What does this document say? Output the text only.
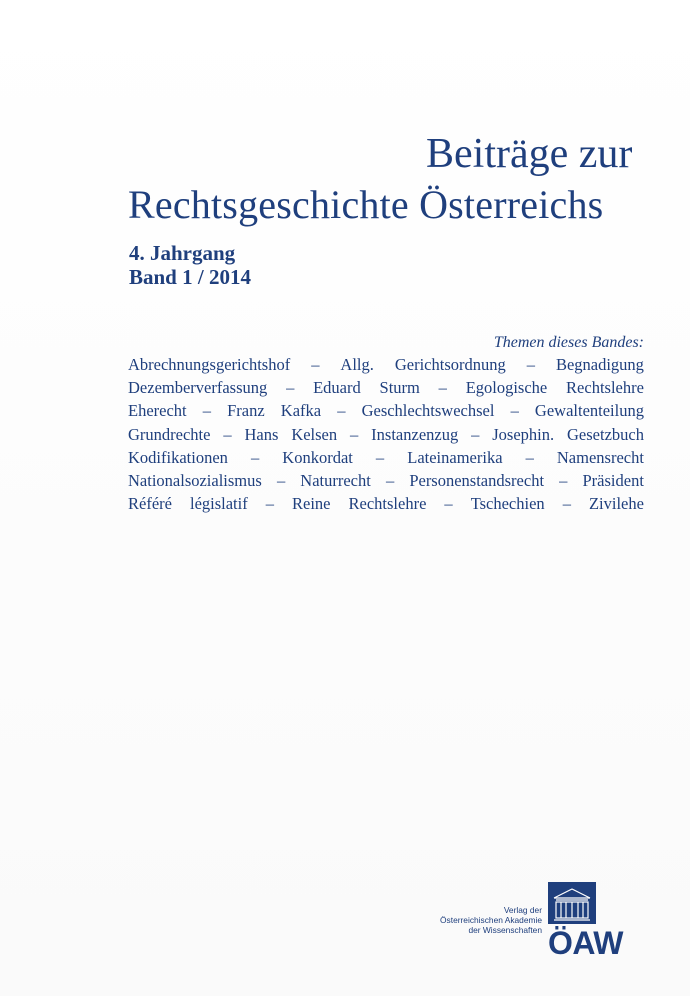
Beiträge zur
Rechtsgeschichte Österreichs
4. Jahrgang
Band 1 / 2014
Themen dieses Bandes:
Abrechnungsgerichtshof – Allg. Gerichtsordnung – Begnadigung
Dezemberverfassung – Eduard Sturm – Egologische Rechtslehre
Eherecht – Franz Kafka – Geschlechtswechsel – Gewaltenteilung
Grundrechte – Hans Kelsen – Instanzenzug – Josephin. Gesetzbuch
Kodifikationen – Konkordat – Lateinamerika – Namensrecht
Nationalsozialismus – Naturrecht – Personenstandsrecht – Präsident
Référé législatif – Reine Rechtslehre – Tschechien – Zivilehe
Verlag der
Österreichischen Akademie
der Wissenschaften ÖAW
